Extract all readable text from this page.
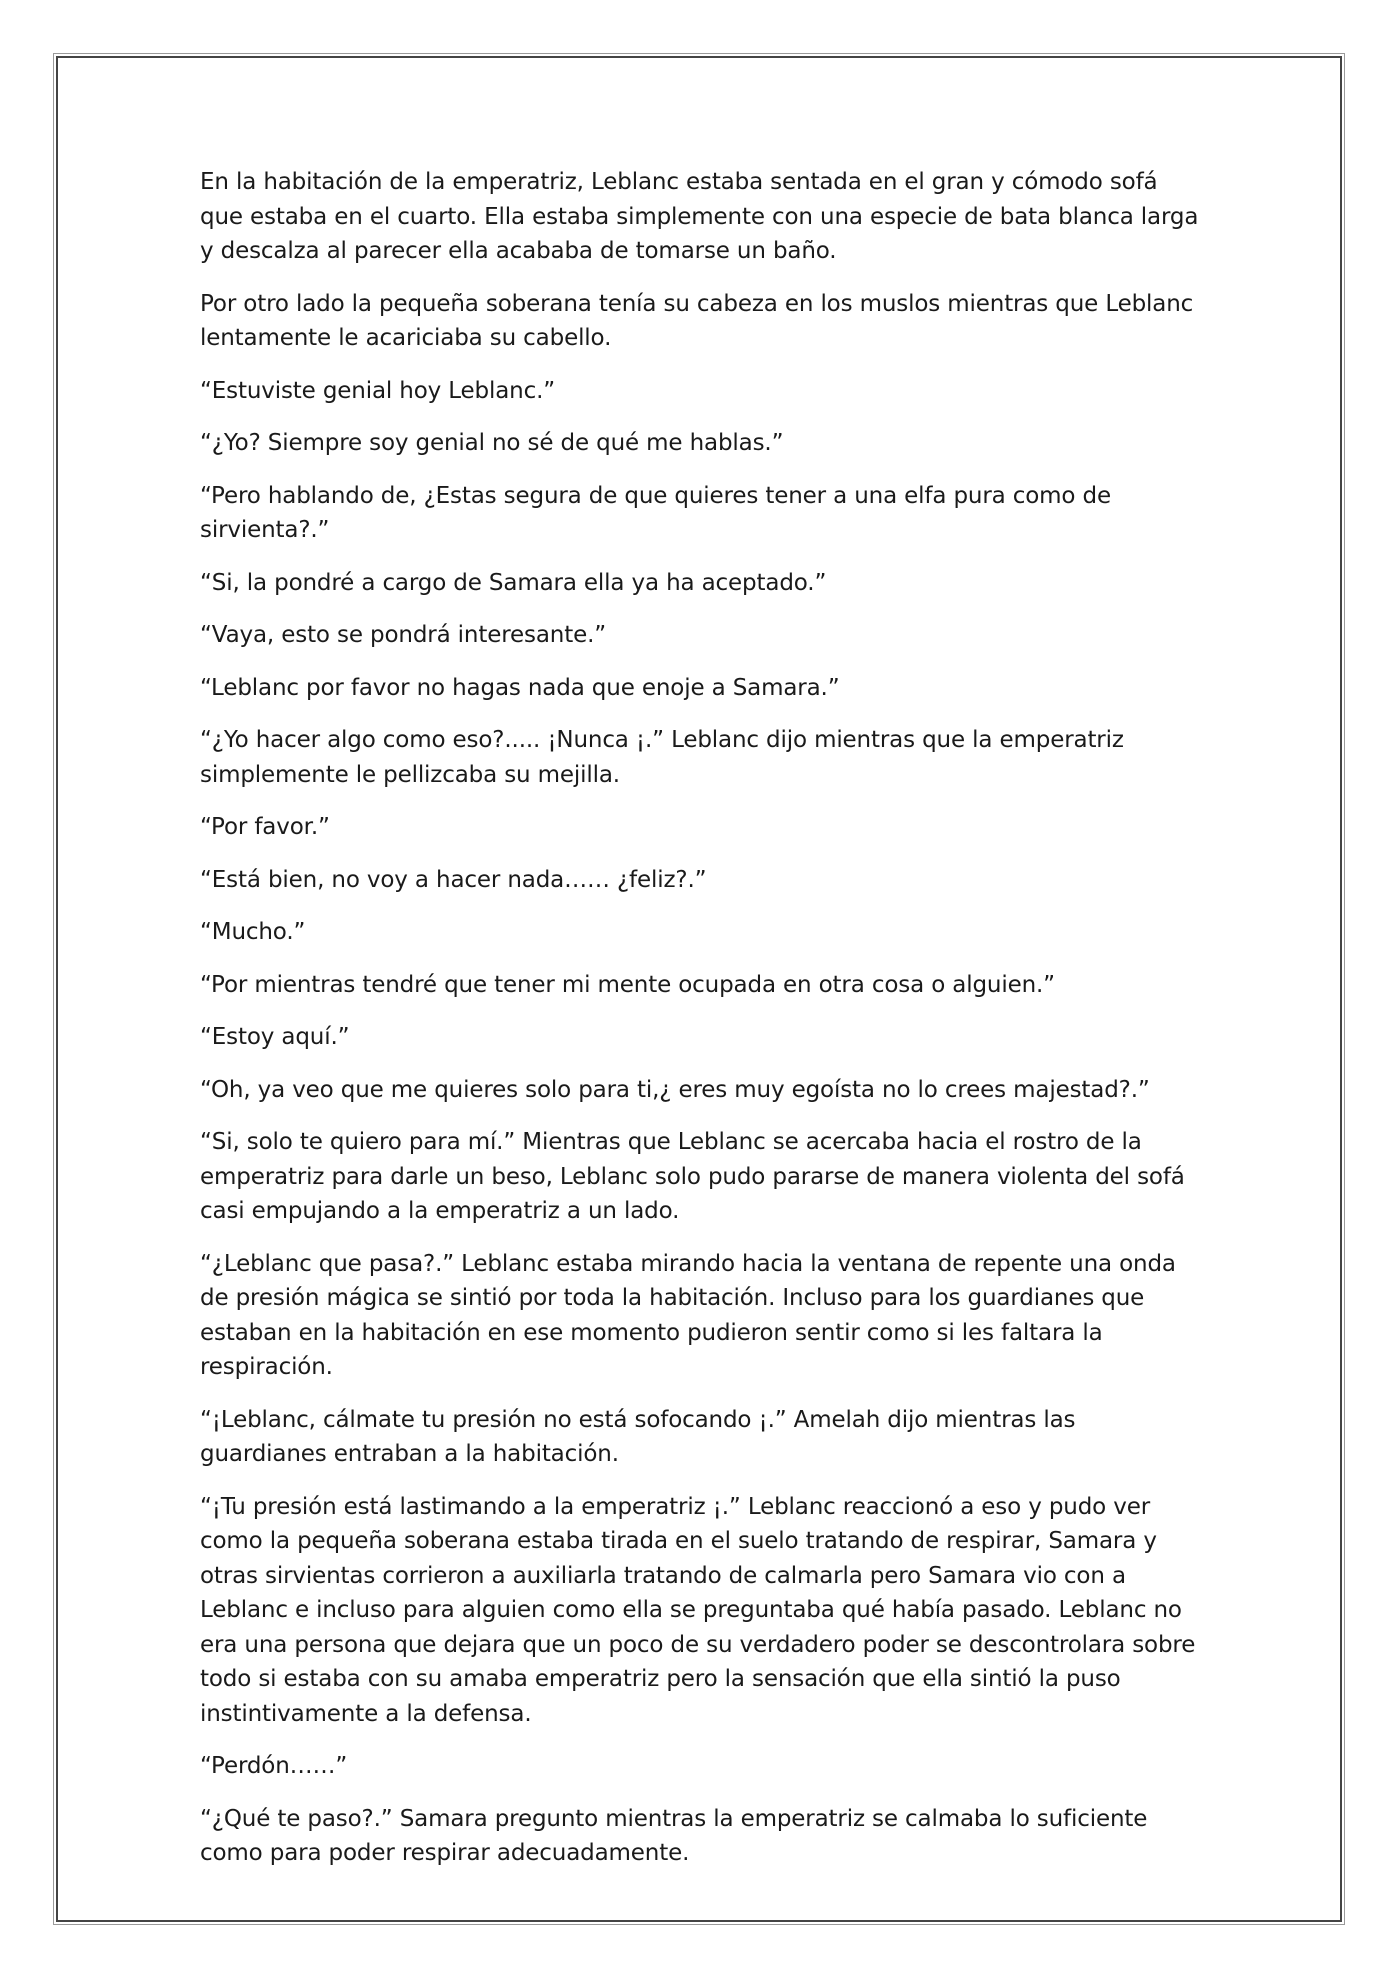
En la habitación de la emperatriz, Leblanc estaba sentada en el gran y cómodo sofá que estaba en el cuarto. Ella estaba simplemente con una especie de bata blanca larga y descalza al parecer ella acababa de tomarse un baño.

Por otro lado la pequeña soberana tenía su cabeza en los muslos mientras que Leblanc lentamente le acariciaba su cabello.

“Estuviste genial hoy Leblanc.”

“¿Yo? Siempre soy genial no sé de qué me hablas.”

“Pero hablando de, ¿Estas segura de que quieres tener a una elfa pura como de sirvienta?.”

“Si, la pondré a cargo de Samara ella ya ha aceptado.”

“Vaya, esto se pondrá interesante.”

“Leblanc por favor no hagas nada que enoje a Samara.”

“¿Yo hacer algo como eso?..... ¡Nunca ¡.” Leblanc dijo mientras que la emperatriz simplemente le pellizcaba su mejilla.

“Por favor.”

“Está bien, no voy a hacer nada…… ¿feliz?.”

“Mucho.”

“Por mientras tendré que tener mi mente ocupada en otra cosa o alguien.”

“Estoy aquí.”

“Oh, ya veo que me quieres solo para ti,¿ eres muy egoísta no lo crees majestad?.”

“Si, solo te quiero para mí.” Mientras que Leblanc se acercaba hacia el rostro de la emperatriz para darle un beso, Leblanc solo pudo pararse de manera violenta del sofá casi empujando a la emperatriz a un lado.

“¿Leblanc que pasa?.” Leblanc estaba mirando hacia la ventana de repente una onda de presión mágica se sintió por toda la habitación. Incluso para los guardianes que estaban en la habitación en ese momento pudieron sentir como si les faltara la respiración.

“¡Leblanc, cálmate tu presión no está sofocando ¡.” Amelah dijo mientras las guardianes entraban a la habitación.

“¡Tu presión está lastimando a la emperatriz ¡.” Leblanc reaccionó a eso y pudo ver como la pequeña soberana estaba tirada en el suelo tratando de respirar, Samara y otras sirvientas corrieron a auxiliarla tratando de calmarla pero Samara vio con a Leblanc e incluso para alguien como ella se preguntaba qué había pasado. Leblanc no era una persona que dejara que un poco de su verdadero poder se descontrolara sobre todo si estaba con su amaba emperatriz pero la sensación que ella sintió la puso instintivamente a la defensa.

“Perdón……”

“¿Qué te paso?.” Samara pregunto mientras la emperatriz se calmaba lo suficiente como para poder respirar adecuadamente.
